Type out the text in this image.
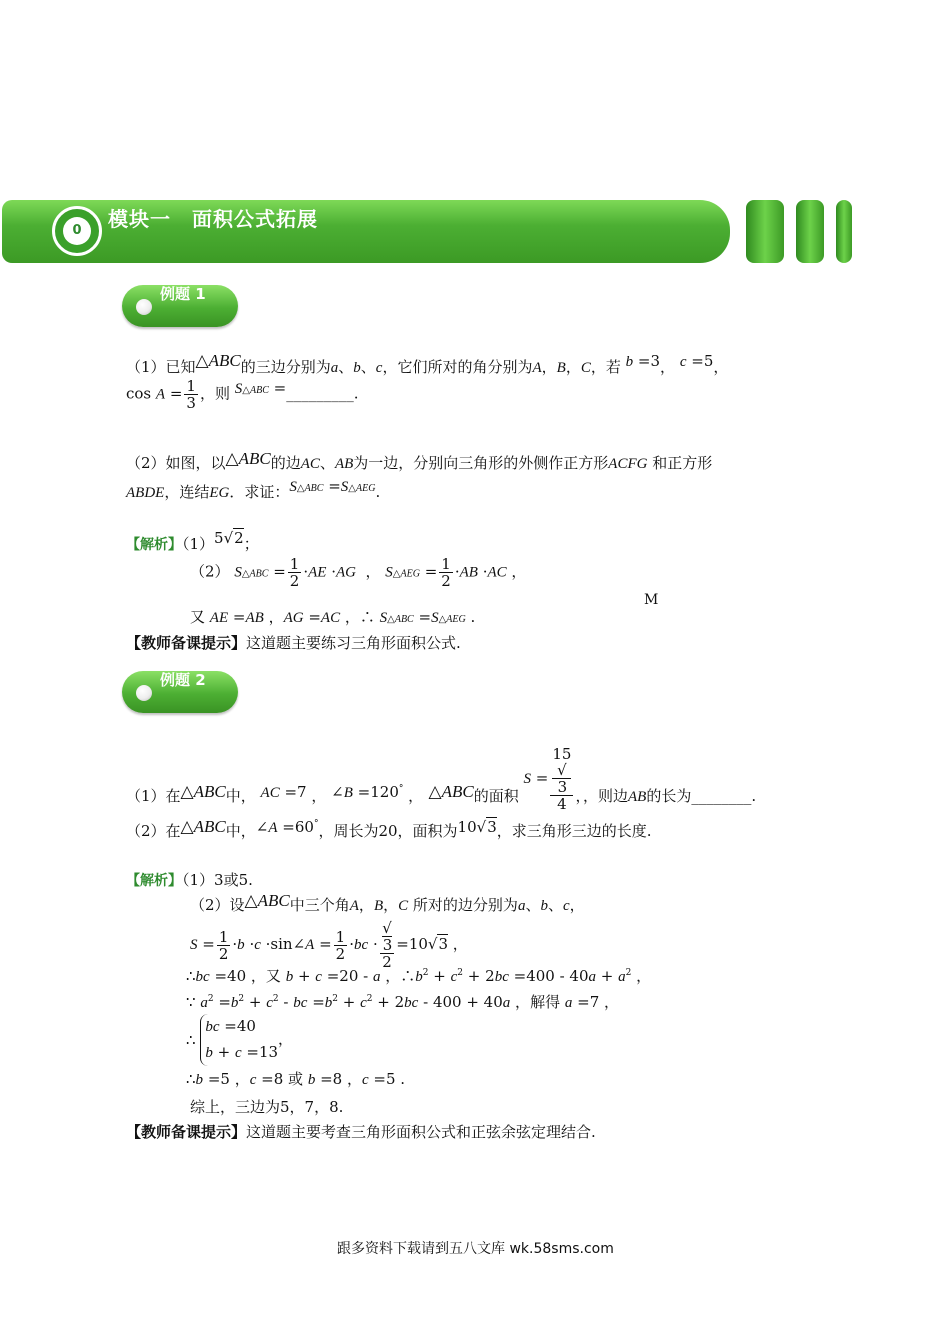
0	模块一　面积公式拓展
例题 1
（1）已知△ABC的三边分别为a、b、c，它们所对的角分别为A，B，C，若 b =3， c =5，
$\cos A = \frac{1}{3}$ ，则 S△ABC =_________.
（2）如图，以△ABC的边AC、AB为一边，分别向三角形的外侧作正方形ACFG 和正方形
ABDE，连结EG．求证：S△ABC =S△AEG.
【解析】（1）5√2；
（2） S△ABC = $\frac{1}{2} \cdot AE \cdot AG$  ， S△AEG = $\frac{1}{2} \cdot AB \cdot AC$ ，
又 AE =AB ，AG =AC ，∴ S△ABC =S△AEG .
M
【教师备课提示】这道题主要练习三角形面积公式.
例题 2
（1）在△ABC中， AC =7 ， ∠B =120° ， △ABC的面积 S = 15
√
3
4 ，，则边AB的长为________.
（2）在△ABC中，∠A =60°，周长为20，面积为10√3，求三角形三边的长度.
【解析】（1）3或5.
（2）设△ABC中三个角A，B，C 所对的边分别为a、b、c，
$S = \frac{1}{2} \cdot b \cdot c$ ·sin∠A = $\frac{1}{2} \cdot bc$ · √
3
2 =10√3 ，
∴bc =40 ，又 b + c =20 - a ，$\therefore b^2 + c^2 + 2bc =400 - 40a + a^2$ ，
∵ $a^2 =b^2 + c^2$ - bc $=b^2 + c^2 + 2bc - 400 + 40a$ ，解得 a =7 ，
∴
bc =40
b + c =13
，
∴b =5 ，c =8 或 b =8 ，c =5 .
综上，三边为5，7，8.
【教师备课提示】这道题主要考查三角形面积公式和正弦余弦定理结合.
跟多资料下载请到五八文库 wk.58sms.com
